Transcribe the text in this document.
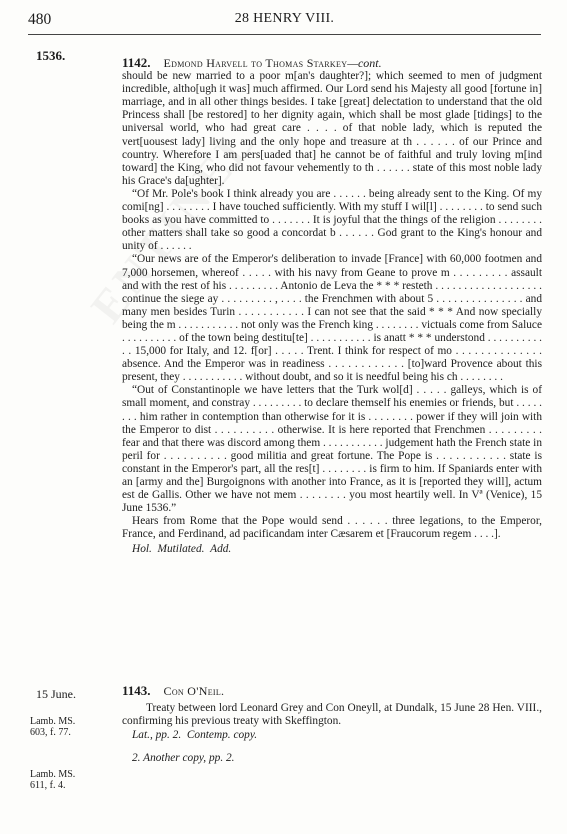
480	28 HENRY VIII.
1536.	1142. Edmond Harvell to Thomas Starkey—cont.

should be new married to a poor m[an's daughter?]; which seemed to men of judgment incredible, altho[ugh it was] much affirmed. Our Lord send his Majesty all good [fortune in] marriage, and in all other things besides. I take [great] delectation to understand that the old Princess shall [be restored] to her dignity again, which shall be most glade [tidings] to the universal world, who had great care . . . . of that noble lady, which is reputed the vert[uousest lady] living and the only hope and treasure at th . . . . . . of our Prince and country. Wherefore I am pers[uaded that] he cannot be of faithful and truly loving m[ind toward] the King, who did not favour vehemently to th . . . . . . state of this most noble lady his Grace's da[ughter].

“Of Mr. Pole's book I think already you are . . . . . . being already sent to the King. Of my comi[ng] . . . . . . . . I have touched sufficiently. With my stuff I wil[l] . . . . . . . . to send such books as you have committed to . . . . . . . It is joyful that the things of the religion . . . . . . . . other matters shall take so good a concordat b . . . . . . God grant to the King's honour and unity of . . . . . .

“Our news are of the Emperor's deliberation to invade [France] with 60,000 footmen and 7,000 horsemen, whereof . . . . . with his navy from Geane to prove m . . . . . . . . . assault and with the rest of his . . . . . . . . . Antonio de Leva the * * * resteth . . . . . . . . . . . . . . . . . . . continue the siege ay . . . . . . . . . , . . . . the Frenchmen with about 5 . . . . . . . . . . . . . . . and many men besides Turin . . . . . . . . . . . I can not see that the said * * * And now specially being the m . . . . . . . . . . . not only was the French king . . . . . . . . victuals come from Saluce . . . . . . . . . . of the town being destitu[te] . . . . . . . . . . . is anatt * * * understond . . . . . . . . . . . . 15,000 for Italy, and 12. f[or] . . . . . Trent. I think for respect of mo . . . . . . . . . . . . . . absence. And the Emperor was in readiness . . . . . . . . . . . . [to]ward Provence about this present, they . . . . . . . . . . . without doubt, and so it is needful being his ch . . . . . . . .

“Out of Constantinople we have letters that the Turk wol[d] . . . . . galleys, which is of small moment, and constray . . . . . . . . . to declare themself his enemies or friends, but . . . . . . . . him rather in contemption than otherwise for it is . . . . . . . . power if they will join with the Emperor to dist . . . . . . . . . . otherwise. It is here reported that Frenchmen . . . . . . . . . fear and that there was discord among them . . . . . . . . . . . judgement hath the French state in peril for . . . . . . . . . . good militia and great fortune. The Pope is . . . . . . . . . . . state is constant in the Emperor's part, all the res[t] . . . . . . . . is firm to him. If Spaniards enter with an [army and the] Burgoignons with another into France, as it is [reported they will], actum est de Gallis. Other we have not mem . . . . . . . . you most heartily well. In Vª (Venice), 15 June 1536.”

Hears from Rome that the Pope would send . . . . . . three legations, to the Emperor, France, and Ferdinand, ad pacificandam inter Cæsarem et [Fraucorum regem . . . .].

Hol. Mutilated. Add.
15 June.
Lamb. MS.
603, f. 77.
Lamb. MS.
611, f. 4.
1143. Con O'Neil.
Treaty between lord Leonard Grey and Con Oneyll, at Dundalk, 15 June 28 Hen. VIII., confirming his previous treaty with Skeffington.
Lat., pp. 2. Contemp. copy.
2. Another copy, pp. 2.
